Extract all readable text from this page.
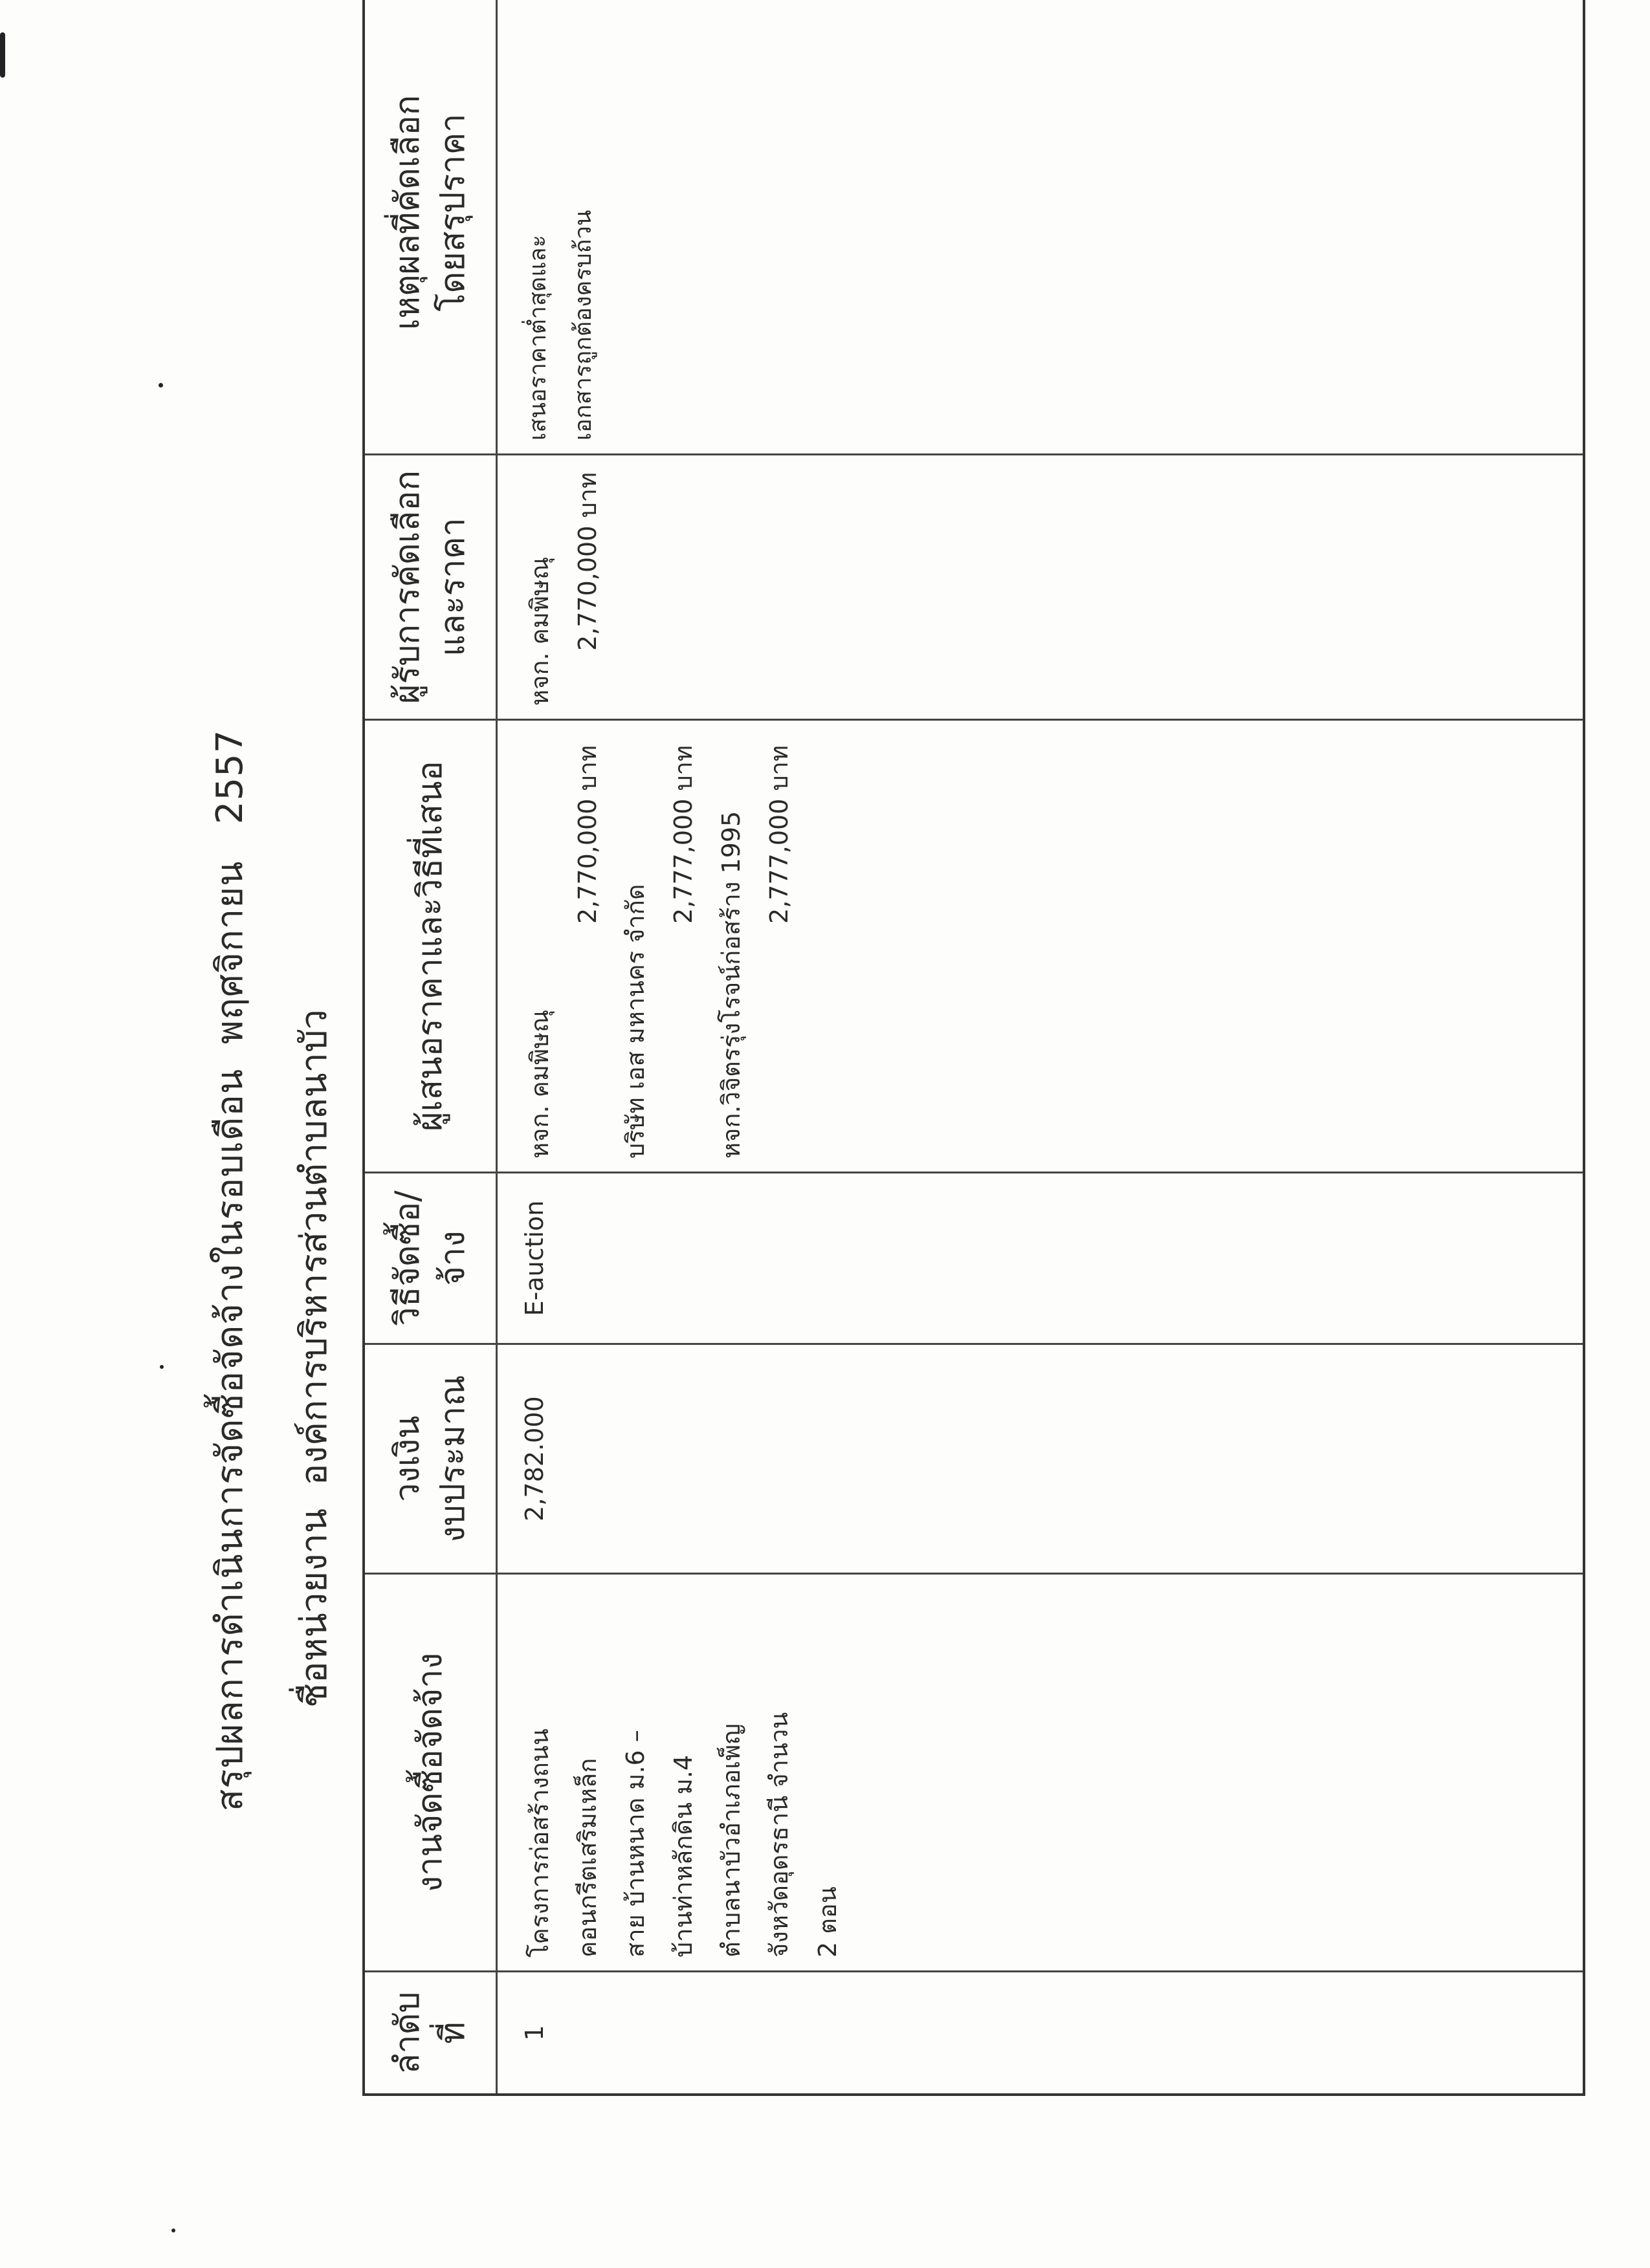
สรุปผลการดำเนินการจัดซื้อจัดจ้างในรอบเดือน  พฤศจิกายน   2557 ชื่อหน่วยงาน  องค์การบริหารส่วนตำบลนาบัว
ลำดับ ที่
งานจัดซื้อจัดจ้าง
วงเงิน งบประมาณ
วิธีจัดซื้อ/ จ้าง
ผู้เสนอราคาและวิธีที่เสนอ
ผู้รับการคัดเลือก และราคา
เหตุผลที่คัดเลือก โดยสรุปราคา
1
โครงการก่อสร้างถนน คอนกรีตเสริมเหล็ก สาย บ้านหนาด ม.6 – บ้านท่าหลักดิน ม.4 ตำบลนาบัวอำเภอเพ็ญ จังหวัดอุดรธานี จำนวน 2 ตอน
2,782.000
E-auction
หจก. คมพิษณุ
2,770,000 บาท
บริษัท เอส มหานคร จำกัด
2,777,000 บาท หจก.วิจิตรรุ่งโรจน์ก่อสร้าง 1995 2,777,000 บาท
หจก. คมพิษณุ 2,770,000 บาท
เสนอราคาต่ำสุดและ เอกสารถูกต้องครบถ้วน
